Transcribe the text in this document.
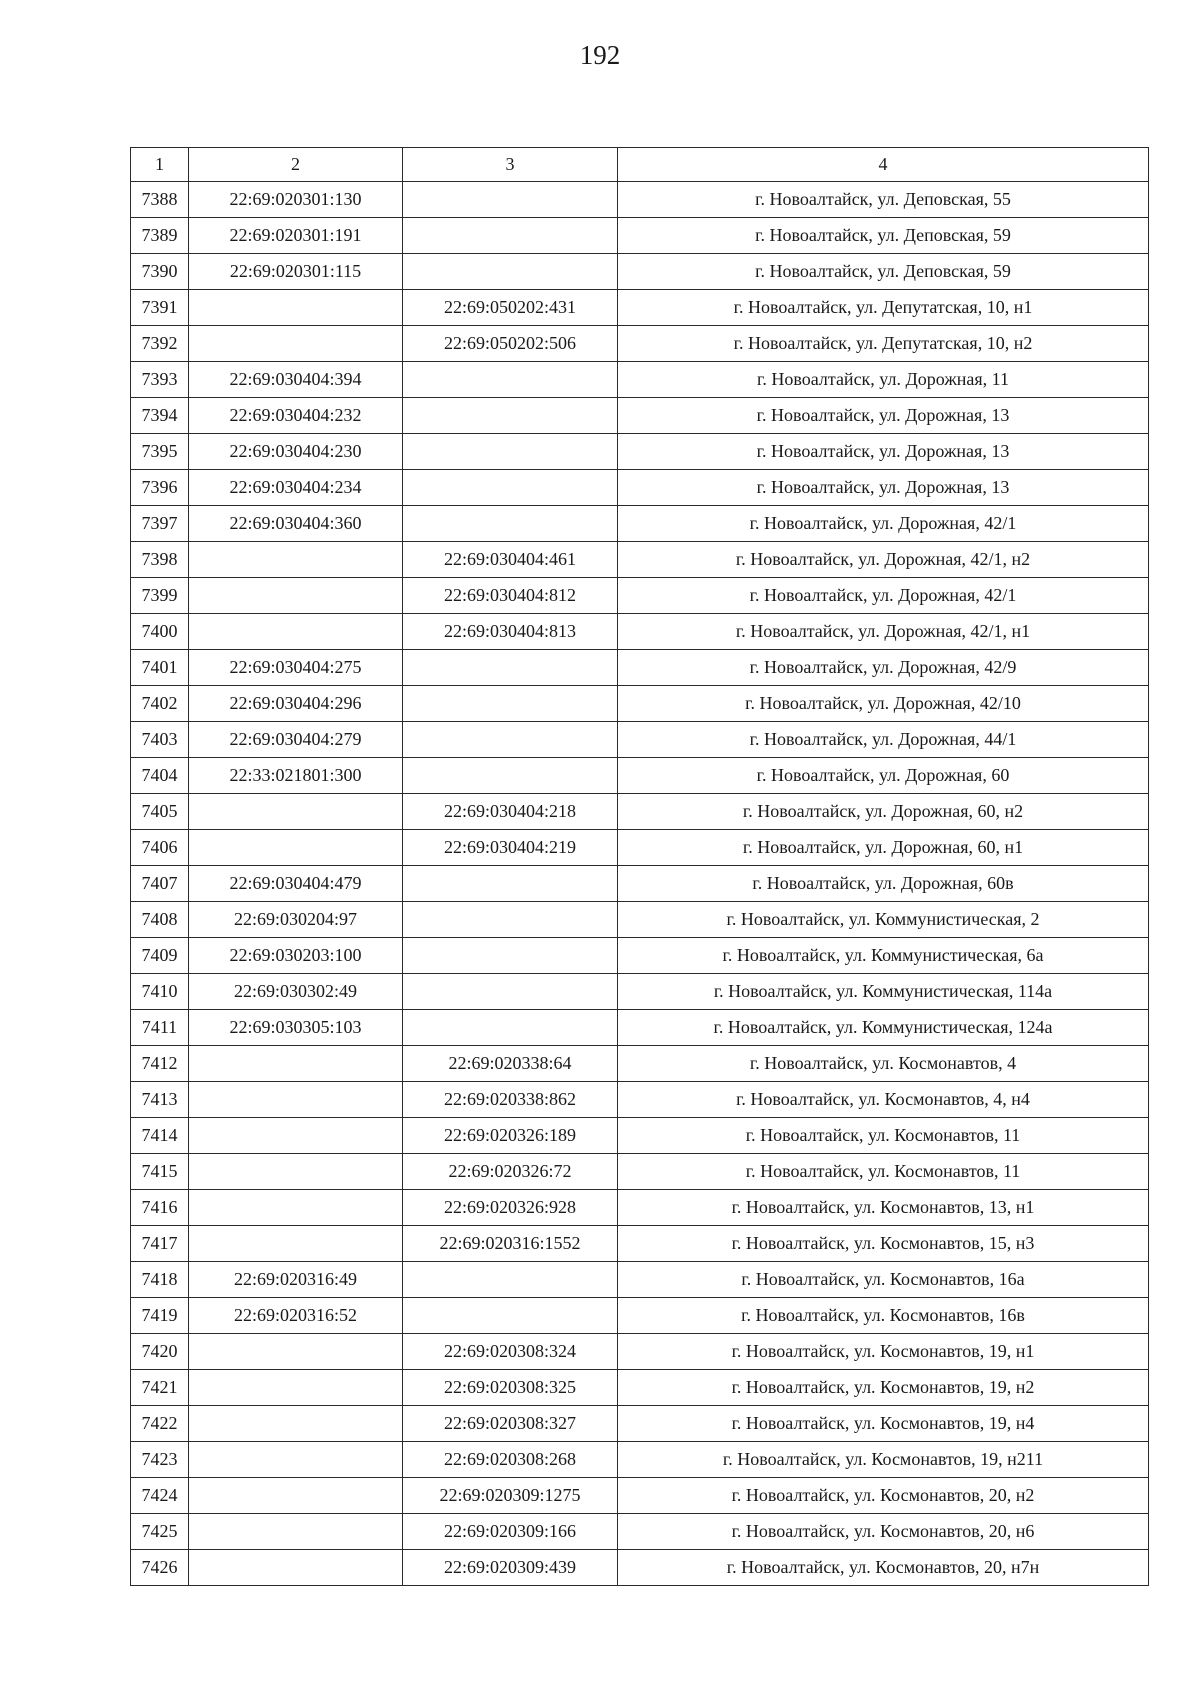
192
1	2	3	4
7388	22:69:020301:130		г. Новоалтайск, ул. Деповская, 55
7389	22:69:020301:191		г. Новоалтайск, ул. Деповская, 59
7390	22:69:020301:115		г. Новоалтайск, ул. Деповская, 59
7391		22:69:050202:431	г. Новоалтайск, ул. Депутатская, 10, н1
7392		22:69:050202:506	г. Новоалтайск, ул. Депутатская, 10, н2
7393	22:69:030404:394		г. Новоалтайск, ул. Дорожная, 11
7394	22:69:030404:232		г. Новоалтайск, ул. Дорожная, 13
7395	22:69:030404:230		г. Новоалтайск, ул. Дорожная, 13
7396	22:69:030404:234		г. Новоалтайск, ул. Дорожная, 13
7397	22:69:030404:360		г. Новоалтайск, ул. Дорожная, 42/1
7398		22:69:030404:461	г. Новоалтайск, ул. Дорожная, 42/1, н2
7399		22:69:030404:812	г. Новоалтайск, ул. Дорожная, 42/1
7400		22:69:030404:813	г. Новоалтайск, ул. Дорожная, 42/1, н1
7401	22:69:030404:275		г. Новоалтайск, ул. Дорожная, 42/9
7402	22:69:030404:296		г. Новоалтайск, ул. Дорожная, 42/10
7403	22:69:030404:279		г. Новоалтайск, ул. Дорожная, 44/1
7404	22:33:021801:300		г. Новоалтайск, ул. Дорожная, 60
7405		22:69:030404:218	г. Новоалтайск, ул. Дорожная, 60, н2
7406		22:69:030404:219	г. Новоалтайск, ул. Дорожная, 60, н1
7407	22:69:030404:479		г. Новоалтайск, ул. Дорожная, 60в
7408	22:69:030204:97		г. Новоалтайск, ул. Коммунистическая, 2
7409	22:69:030203:100		г. Новоалтайск, ул. Коммунистическая, 6а
7410	22:69:030302:49		г. Новоалтайск, ул. Коммунистическая, 114а
7411	22:69:030305:103		г. Новоалтайск, ул. Коммунистическая, 124а
7412		22:69:020338:64	г. Новоалтайск, ул. Космонавтов, 4
7413		22:69:020338:862	г. Новоалтайск, ул. Космонавтов, 4, н4
7414		22:69:020326:189	г. Новоалтайск, ул. Космонавтов, 11
7415		22:69:020326:72	г. Новоалтайск, ул. Космонавтов, 11
7416		22:69:020326:928	г. Новоалтайск, ул. Космонавтов, 13, н1
7417		22:69:020316:1552	г. Новоалтайск, ул. Космонавтов, 15, н3
7418	22:69:020316:49		г. Новоалтайск, ул. Космонавтов, 16а
7419	22:69:020316:52		г. Новоалтайск, ул. Космонавтов, 16в
7420		22:69:020308:324	г. Новоалтайск, ул. Космонавтов, 19, н1
7421		22:69:020308:325	г. Новоалтайск, ул. Космонавтов, 19, н2
7422		22:69:020308:327	г. Новоалтайск, ул. Космонавтов, 19, н4
7423		22:69:020308:268	г. Новоалтайск, ул. Космонавтов, 19, н211
7424		22:69:020309:1275	г. Новоалтайск, ул. Космонавтов, 20, н2
7425		22:69:020309:166	г. Новоалтайск, ул. Космонавтов, 20, н6
7426		22:69:020309:439	г. Новоалтайск, ул. Космонавтов, 20, н7н
